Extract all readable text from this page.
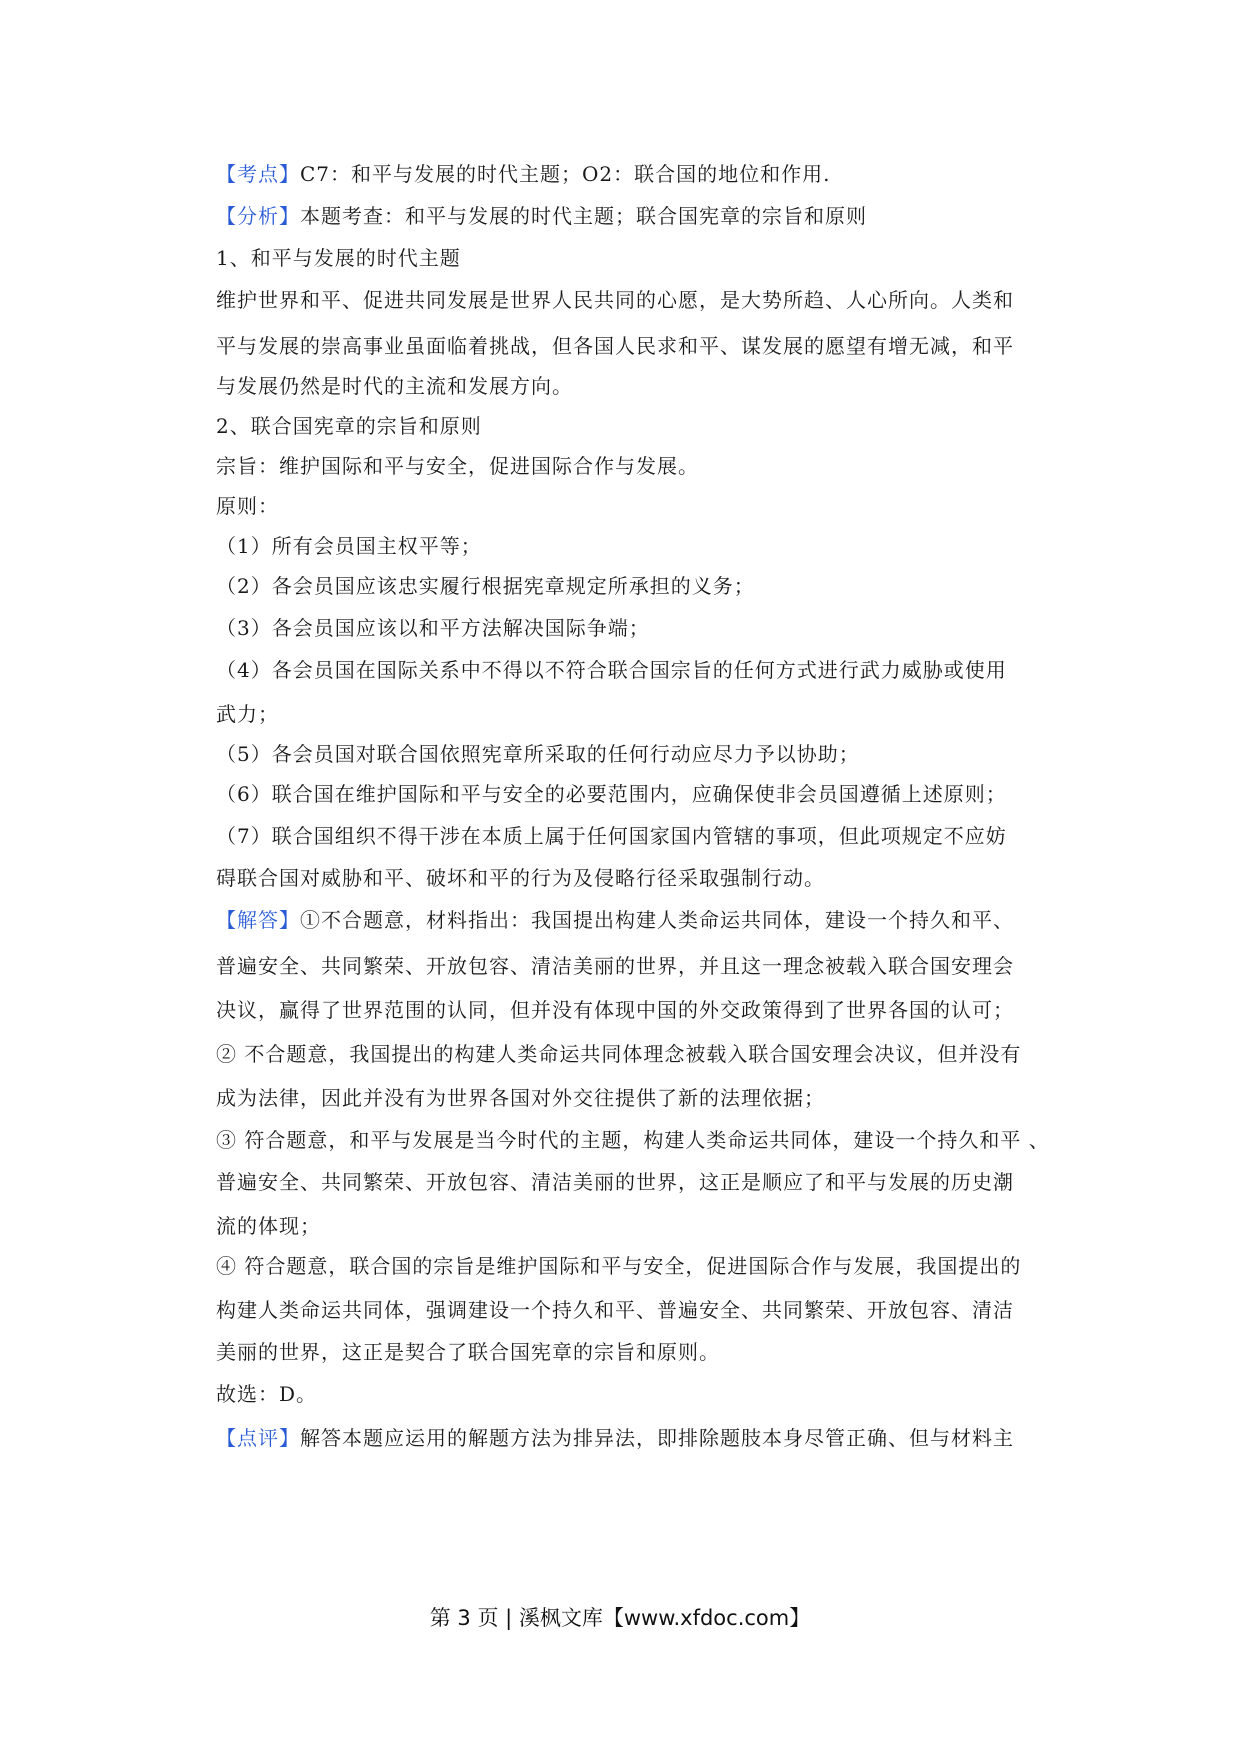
【考点】C7：和平与发展的时代主题；O2：联合国的地位和作用.
【分析】本题考查：和平与发展的时代主题；联合国宪章的宗旨和原则
1、和平与发展的时代主题
维护世界和平、促进共同发展是世界人民共同的心愿，是大势所趋、人心所向。人类和
平与发展的崇高事业虽面临着挑战，但各国人民求和平、谋发展的愿望有增无减，和平
与发展仍然是时代的主流和发展方向。
2、联合国宪章的宗旨和原则
宗旨：维护国际和平与安全，促进国际合作与发展。
原则：
（1）所有会员国主权平等；
（2）各会员国应该忠实履行根据宪章规定所承担的义务；
（3）各会员国应该以和平方法解决国际争端；
（4）各会员国在国际关系中不得以不符合联合国宗旨的任何方式进行武力威胁或使用
武力；
（5）各会员国对联合国依照宪章所采取的任何行动应尽力予以协助；
（6）联合国在维护国际和平与安全的必要范围内，应确保使非会员国遵循上述原则；
（7）联合国组织不得干涉在本质上属于任何国家国内管辖的事项，但此项规定不应妨
碍联合国对威胁和平、破坏和平的行为及侵略行径采取强制行动。
【解答】①不合题意，材料指出：我国提出构建人类命运共同体，建设一个持久和平、
普遍安全、共同繁荣、开放包容、清洁美丽的世界，并且这一理念被载入联合国安理会
决议，赢得了世界范围的认同，但并没有体现中国的外交政策得到了世界各国的认可；
② 不合题意，我国提出的构建人类命运共同体理念被载入联合国安理会决议，但并没有
成为法律，因此并没有为世界各国对外交往提供了新的法理依据；
③ 符合题意，和平与发展是当今时代的主题，构建人类命运共同体，建设一个持久和平 、
普遍安全、共同繁荣、开放包容、清洁美丽的世界，这正是顺应了和平与发展的历史潮
流的体现；
④ 符合题意，联合国的宗旨是维护国际和平与安全，促进国际合作与发展，我国提出的
构建人类命运共同体，强调建设一个持久和平、普遍安全、共同繁荣、开放包容、清洁
美丽的世界，这正是契合了联合国宪章的宗旨和原则。
故选：D。
【点评】解答本题应运用的解题方法为排异法，即排除题肢本身尽管正确、但与材料主
第 3 页 | 溪枫文库【www.xfdoc.com】
